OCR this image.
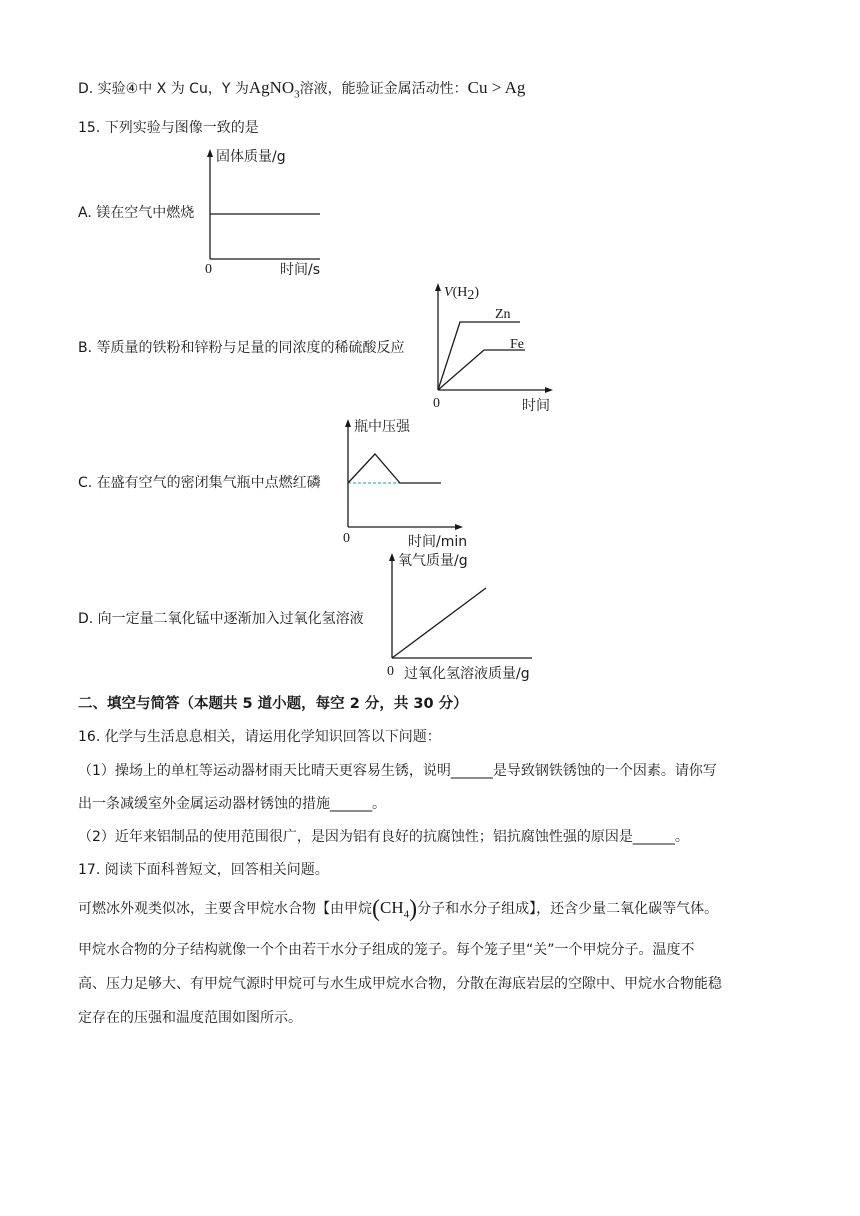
D. 实验④中 X 为 Cu，Y 为AgNO$_3$溶液，能验证金属活动性：Cu > Ag
15. 下列实验与图像一致的是
A. 镁在空气中燃烧
固体质量/g
0	时间/s
B. 等质量的铁粉和锌粉与足量的同浓度的稀硫酸反应
V(H2)
Zn
Fe
0	时间
C. 在盛有空气的密闭集气瓶中点燃红磷
瓶中压强
0	时间/min
D. 向一定量二氧化锰中逐渐加入过氧化氢溶液
氧气质量/g
0 过氧化氢溶液质量/g
二、填空与简答（本题共 5 道小题，每空 2 分，共 30 分）
16. 化学与生活息息相关，请运用化学知识回答以下问题：
（1）操场上的单杠等运动器材雨天比晴天更容易生锈，说明______是导致钢铁锈蚀的一个因素。请你写
出一条减缓室外金属运动器材锈蚀的措施______。
（2）近年来铝制品的使用范围很广，是因为铝有良好的抗腐蚀性；铝抗腐蚀性强的原因是______。
17. 阅读下面科普短文，回答相关问题。
可燃冰外观类似冰，主要含甲烷水合物【由甲烷$(CH_4)$分子和水分子组成】，还含少量二氧化碳等气体。
甲烷水合物的分子结构就像一个个由若干水分子组成的笼子。每个笼子里“关”一个甲烷分子。温度不
高、压力足够大、有甲烷气源时甲烷可与水生成甲烷水合物，分散在海底岩层的空隙中、甲烷水合物能稳
定存在的压强和温度范围如图所示。
